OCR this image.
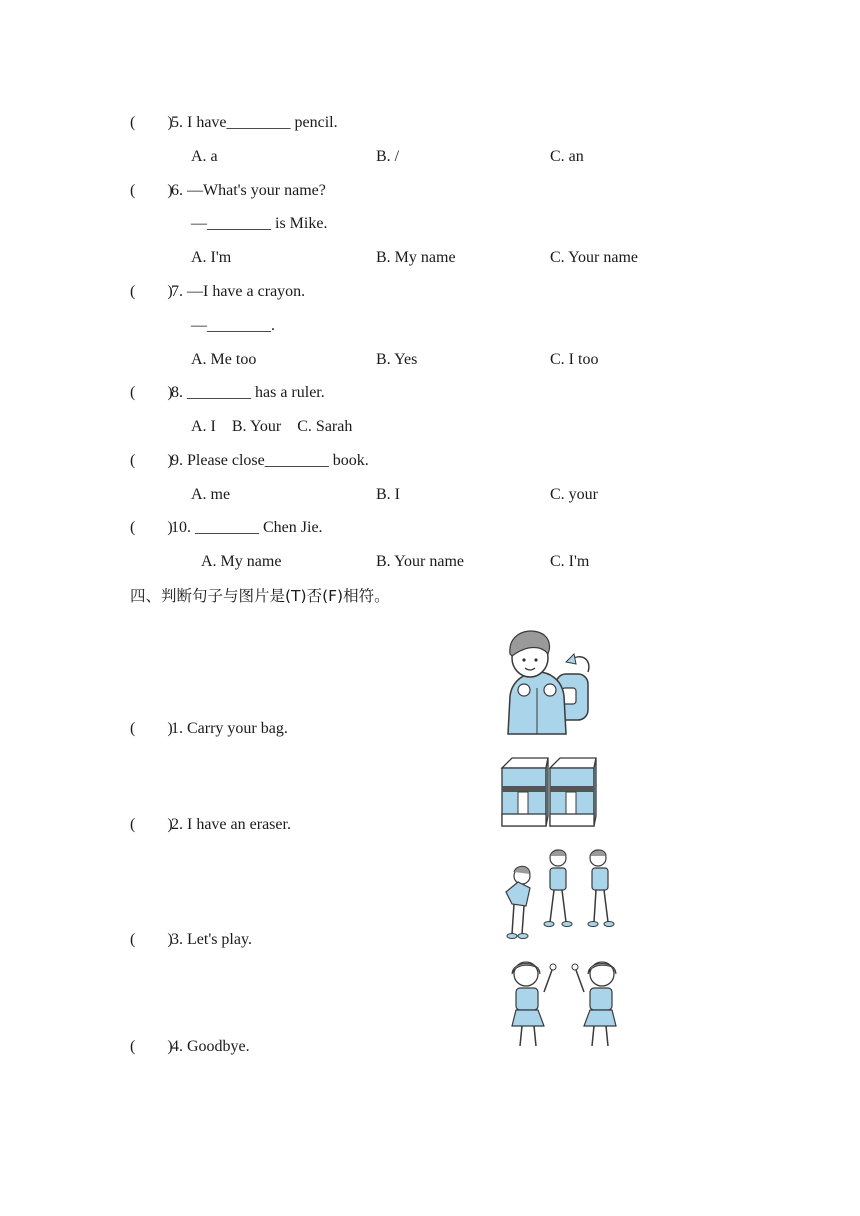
(        )
5. I have________ pencil.
A. a	B. /	C. an
(        )
6. —What's your name?
—________ is Mike.
A. I'm	B. My name	C. Your name
(        )
7. —I have a crayon.
—________.
A. Me too	B. Yes	C. I too
(        )
8. ________ has a ruler.
A. I    B. Your    C. Sarah
(        )
9. Please close________ book.
A. me	B. I	C. your
(        )
10. ________ Chen Jie.
A. My name	B. Your name	C. I'm
四、判断句子与图片是(T)否(F)相符。
(        )
1. Carry your bag.
(        )
2. I have an eraser.
(        )
3. Let's play.
(        )
4. Goodbye.
